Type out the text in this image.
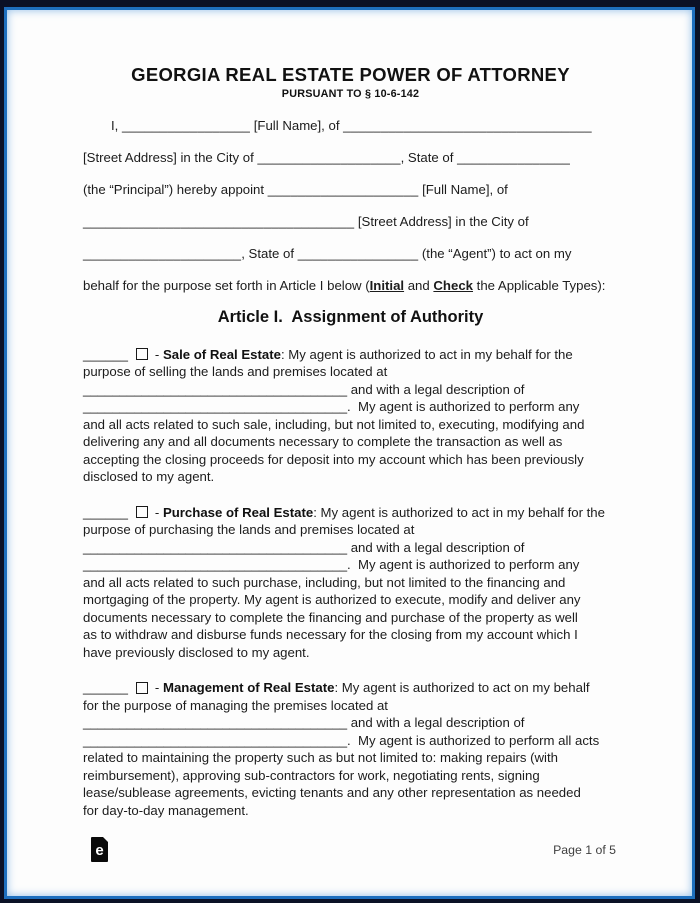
GEORGIA REAL ESTATE POWER OF ATTORNEY
PURSUANT TO § 10-6-142
I, _________________ [Full Name], of _________________________________
[Street Address] in the City of ___________________, State of _______________
(the “Principal”) hereby appoint ____________________ [Full Name], of
____________________________________ [Street Address] in the City of
_____________________, State of ________________ (the “Agent”) to act on my
behalf for the purpose set forth in Article I below (Initial and Check the Applicable Types):
Article I.  Assignment of Authority
______ - Sale of Real Estate: My agent is authorized to act in my behalf for the
purpose of selling the lands and premises located at
____________________________________ and with a legal description of
____________________________________.  My agent is authorized to perform any
and all acts related to such sale, including, but not limited to, executing, modifying and
delivering any and all documents necessary to complete the transaction as well as
accepting the closing proceeds for deposit into my account which has been previously
disclosed to my agent.
______ - Purchase of Real Estate: My agent is authorized to act in my behalf for the
purpose of purchasing the lands and premises located at
____________________________________ and with a legal description of
____________________________________.  My agent is authorized to perform any
and all acts related to such purchase, including, but not limited to the financing and
mortgaging of the property. My agent is authorized to execute, modify and deliver any
documents necessary to complete the financing and purchase of the property as well
as to withdraw and disburse funds necessary for the closing from my account which I
have previously disclosed to my agent.
______ - Management of Real Estate: My agent is authorized to act on my behalf
for the purpose of managing the premises located at
____________________________________ and with a legal description of
____________________________________.  My agent is authorized to perform all acts
related to maintaining the property such as but not limited to: making repairs (with
reimbursement), approving sub-contractors for work, negotiating rents, signing
lease/sublease agreements, evicting tenants and any other representation as needed
for day-to-day management.
e	Page 1 of 5
